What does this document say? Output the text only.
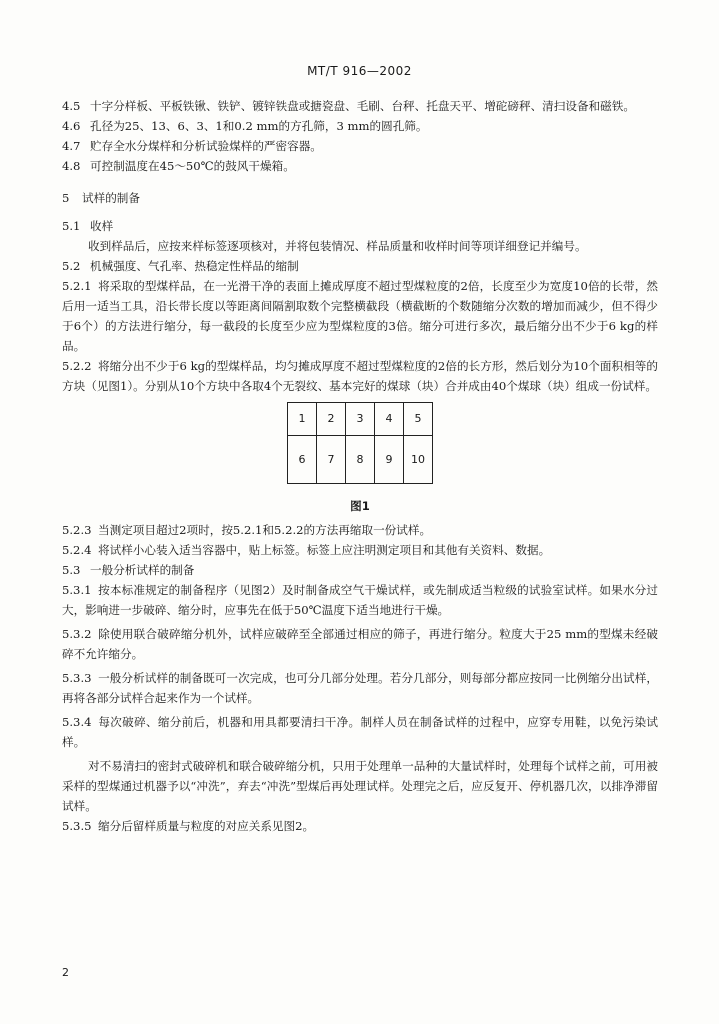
MT/T 916—2002

4.5 十字分样板、平板铁锹、铁铲、镀锌铁盘或搪瓷盘、毛刷、台秤、托盘天平、增砣磅秤、清扫设备和磁铁。

4.6 孔径为25、13、6、3、1和0.2 mm的方孔筛，3 mm的圆孔筛。

4.7 贮存全水分煤样和分析试验煤样的严密容器。

4.8 可控制温度在45～50℃的鼓风干燥箱。

5 试样的制备

5.1 收样

收到样品后，应按来样标签逐项核对，并将包装情况、样品质量和收样时间等项详细登记并编号。

5.2 机械强度、气孔率、热稳定性样品的缩制

5.2.1 将采取的型煤样品，在一光滑干净的表面上摊成厚度不超过型煤粒度的2倍，长度至少为宽度10倍的长带，然后用一适当工具，沿长带长度以等距离间隔割取数个完整横截段（横截断的个数随缩分次数的增加而减少，但不得少于6个）的方法进行缩分，每一截段的长度至少应为型煤粒度的3倍。缩分可进行多次，最后缩分出不少于6 kg的样品。

5.2.2 将缩分出不少于6 kg的型煤样品，均匀摊成厚度不超过型煤粒度的2倍的长方形，然后划分为10个面积相等的方块（见图1）。分别从10个方块中各取4个无裂纹、基本完好的煤球（块）合并成由40个煤球（块）组成一份试样。

1	2	3	4	5
6	7	8	9	10

图1

5.2.3 当测定项目超过2项时，按5.2.1和5.2.2的方法再缩取一份试样。

5.2.4 将试样小心装入适当容器中，贴上标签。标签上应注明测定项目和其他有关资料、数据。

5.3 一般分析试样的制备

5.3.1 按本标准规定的制备程序（见图2）及时制备成空气干燥试样，或先制成适当粒级的试验室试样。如果水分过大，影响进一步破碎、缩分时，应事先在低于50℃温度下适当地进行干燥。

5.3.2 除使用联合破碎缩分机外，试样应破碎至全部通过相应的筛子，再进行缩分。粒度大于25 mm的型煤未经破碎不允许缩分。

5.3.3 一般分析试样的制备既可一次完成，也可分几部分处理。若分几部分，则每部分都应按同一比例缩分出试样，再将各部分试样合起来作为一个试样。

5.3.4 每次破碎、缩分前后，机器和用具都要清扫干净。制样人员在制备试样的过程中，应穿专用鞋，以免污染试样。

对不易清扫的密封式破碎机和联合破碎缩分机，只用于处理单一品种的大量试样时，处理每个试样之前，可用被采样的型煤通过机器予以“冲洗”，弃去“冲洗”型煤后再处理试样。处理完之后，应反复开、停机器几次，以排净滞留试样。

5.3.5 缩分后留样质量与粒度的对应关系见图2。

2
